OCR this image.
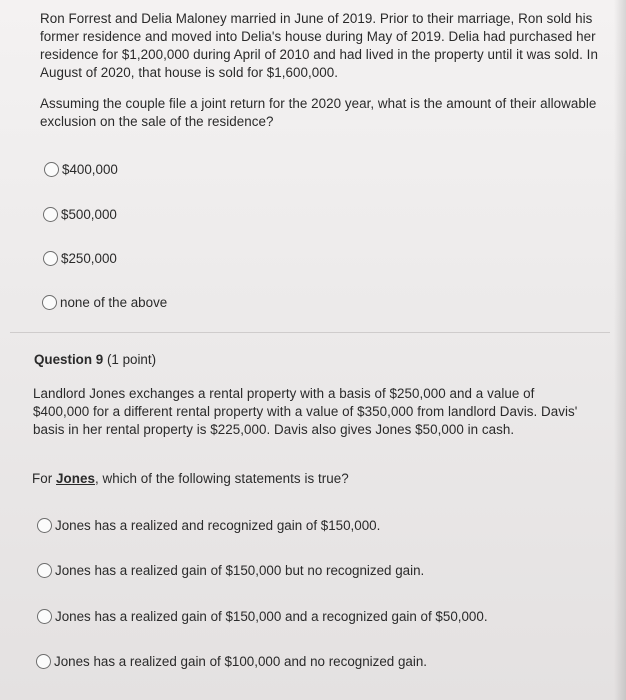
Ron Forrest and Delia Maloney married in June of 2019. Prior to their marriage, Ron sold his former residence and moved into Delia's house during May of 2019. Delia had purchased her residence for $1,200,000 during April of 2010 and had lived in the property until it was sold. In August of 2020, that house is sold for $1,600,000.
Assuming the couple file a joint return for the 2020 year, what is the amount of their allowable exclusion on the sale of the residence?
$400,000
$500,000
$250,000
none of the above
Question 9 (1 point)
Landlord Jones exchanges a rental property with a basis of $250,000 and a value of $400,000 for a different rental property with a value of $350,000 from landlord Davis. Davis' basis in her rental property is $225,000. Davis also gives Jones $50,000 in cash.
For Jones, which of the following statements is true?
Jones has a realized and recognized gain of $150,000.
Jones has a realized gain of $150,000 but no recognized gain.
Jones has a realized gain of $150,000 and a recognized gain of $50,000.
Jones has a realized gain of $100,000 and no recognized gain.
